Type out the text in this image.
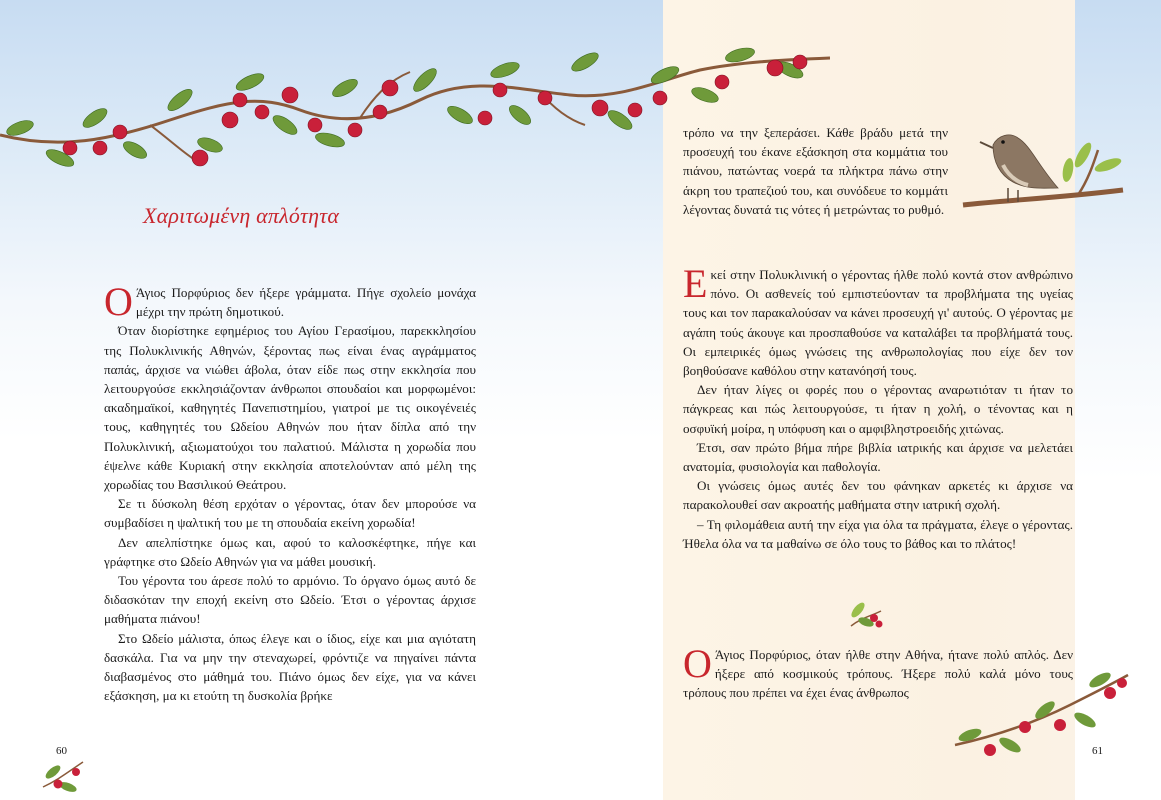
Χαριτωμένη απλότητα

Ο Άγιος Πορφύριος δεν ήξερε γράμματα. Πήγε σχολείο μονάχα μέχρι την πρώτη δημοτικού.

Όταν διορίστηκε εφημέριος του Αγίου Γερασίμου, παρεκκλησίου της Πολυκλινικής Αθηνών, ξέροντας πως είναι ένας αγράμματος παπάς, άρχισε να νιώθει άβολα, όταν είδε πως στην εκκλησία που λειτουργούσε εκκλησιάζονταν άνθρωποι σπουδαίοι και μορφωμένοι: ακαδημαϊκοί, καθηγητές Πανεπιστημίου, γιατροί με τις οικογένειές τους, καθηγητές του Ωδείου Αθηνών που ήταν δίπλα από την Πολυκλινική, αξιωματούχοι του παλατιού. Μάλιστα η χορωδία που έψελνε κάθε Κυριακή στην εκκλησία αποτελούνταν από μέλη της χορωδίας του Βασιλικού Θεάτρου.

Σε τι δύσκολη θέση ερχόταν ο γέροντας, όταν δεν μπορούσε να συμβαδίσει η ψαλτική του με τη σπουδαία εκείνη χορωδία!

Δεν απελπίστηκε όμως και, αφού το καλοσκέφτηκε, πήγε και γράφτηκε στο Ωδείο Αθηνών για να μάθει μουσική.

Του γέροντα του άρεσε πολύ το αρμόνιο. Το όργανο όμως αυτό δε διδασκόταν την εποχή εκείνη στο Ωδείο. Έτσι ο γέροντας άρχισε μαθήματα πιάνου!

Στο Ωδείο μάλιστα, όπως έλεγε και ο ίδιος, είχε και μια αγιότατη δασκάλα. Για να μην την στεναχωρεί, φρόντιζε να πηγαίνει πάντα διαβασμένος στο μάθημά του. Πιάνο όμως δεν είχε, για να κάνει εξάσκηση, μα κι ετούτη τη δυσκολία βρήκε

τρόπο να την ξεπεράσει. Κάθε βράδυ μετά την προσευχή του έκανε εξάσκηση στα κομμάτια του πιάνου, πατώντας νοερά τα πλήκτρα πάνω στην άκρη του τραπεζιού του, και συνόδευε το κομμάτι λέγοντας δυνατά τις νότες ή μετρώντας το ρυθμό.

Εκεί στην Πολυκλινική ο γέροντας ήλθε πολύ κοντά στον ανθρώπινο πόνο. Οι ασθενείς τού εμπιστεύονταν τα προβλήματα της υγείας τους και τον παρακαλούσαν να κάνει προσευχή γι' αυτούς. Ο γέροντας με αγάπη τούς άκουγε και προσπαθούσε να καταλάβει τα προβλήματά τους. Οι εμπειρικές όμως γνώσεις της ανθρωπολογίας που είχε δεν τον βοηθούσανε καθόλου στην κατανόησή τους.

Δεν ήταν λίγες οι φορές που ο γέροντας αναρωτιόταν τι ήταν το πάγκρεας και πώς λειτουργούσε, τι ήταν η χολή, ο τένοντας και η οσφυϊκή μοίρα, η υπόφυση και ο αμφιβληστροειδής χιτώνας.

Έτσι, σαν πρώτο βήμα πήρε βιβλία ιατρικής και άρχισε να μελετάει ανατομία, φυσιολογία και παθολογία.

Οι γνώσεις όμως αυτές δεν του φάνηκαν αρκετές κι άρχισε να παρακολουθεί σαν ακροατής μαθήματα στην ιατρική σχολή.

– Τη φιλομάθεια αυτή την είχα για όλα τα πράγματα, έλεγε ο γέροντας. Ήθελα όλα να τα μαθαίνω σε όλο τους το βάθος και το πλάτος!

Ο Άγιος Πορφύριος, όταν ήλθε στην Αθήνα, ήτανε πολύ απλός. Δεν ήξερε από κοσμικούς τρόπους. Ήξερε πολύ καλά μόνο τους τρόπους που πρέπει να έχει ένας άνθρωπος

60	61
